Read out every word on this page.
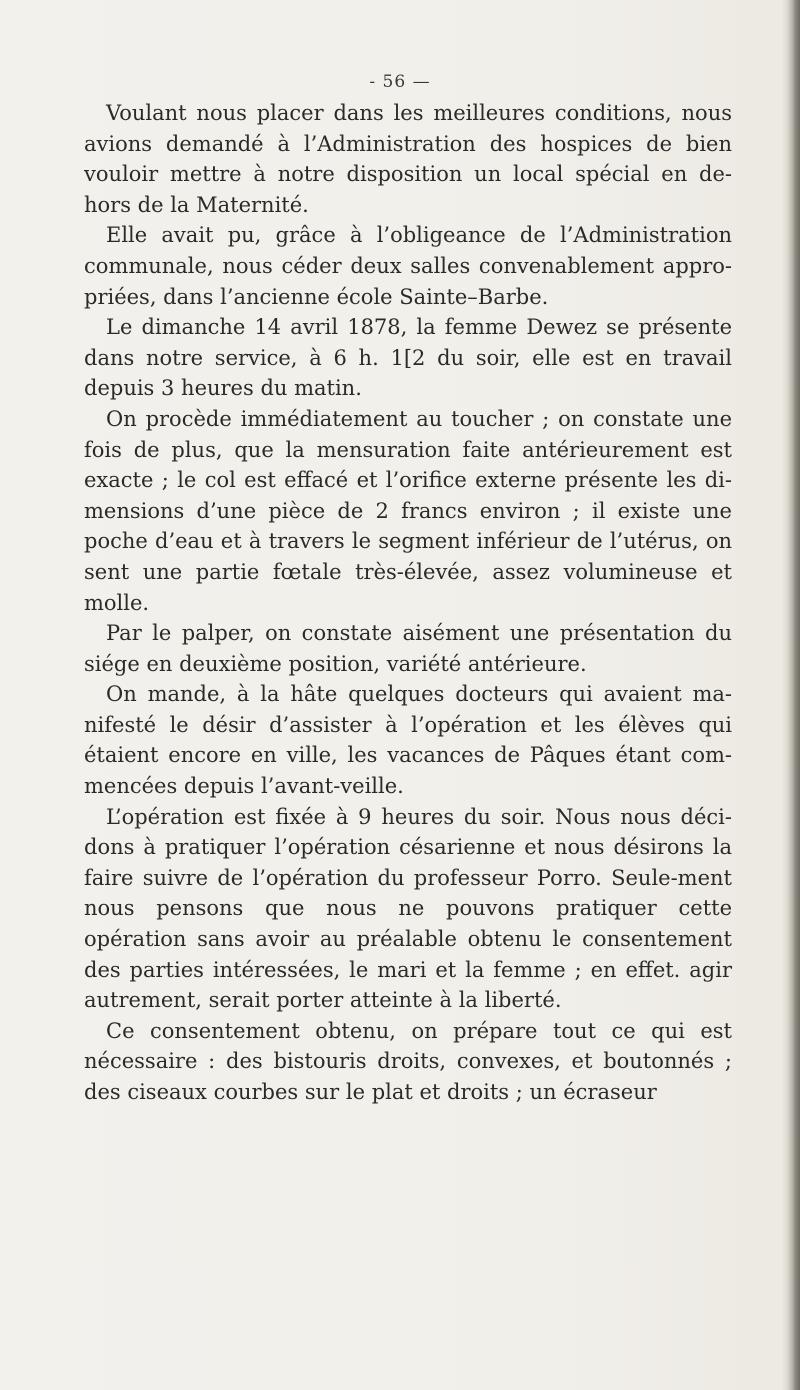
- 56 —

Voulant nous placer dans les meilleures conditions, nous avions demandé à l’Administration des hospices de bien vouloir mettre à notre disposition un local spécial en de-hors de la Maternité.

Elle avait pu, grâce à l’obligeance de l’Administration communale, nous céder deux salles convenablement appro-priées, dans l’ancienne école Sainte–Barbe.

Le dimanche 14 avril 1878, la femme Dewez se présente dans notre service, à 6 h. 1[2 du soir, elle est en travail depuis 3 heures du matin.

On procède immédiatement au toucher ; on constate une fois de plus, que la mensuration faite antérieurement est exacte ; le col est effacé et l’orifice externe présente les di-mensions d’une pièce de 2 francs environ ; il existe une poche d’eau et à travers le segment inférieur de l’utérus, on sent une partie fœtale très-élevée, assez volumineuse et molle.

Par le palper, on constate aisément une présentation du siége en deuxième position, variété antérieure.

On mande, à la hâte quelques docteurs qui avaient ma-nifesté le désir d’assister à l’opération et les élèves qui étaient encore en ville, les vacances de Pâques étant com-mencées depuis l’avant-veille.

L’opération est fixée à 9 heures du soir. Nous nous déci-dons à pratiquer l’opération césarienne et nous désirons la faire suivre de l’opération du professeur Porro. Seule-ment nous pensons que nous ne pouvons pratiquer cette opération sans avoir au préalable obtenu le consentement des parties intéressées, le mari et la femme ; en effet. agir autrement, serait porter atteinte à la liberté.

Ce consentement obtenu, on prépare tout ce qui est nécessaire : des bistouris droits, convexes, et boutonnés ; des ciseaux courbes sur le plat et droits ; un écraseur
